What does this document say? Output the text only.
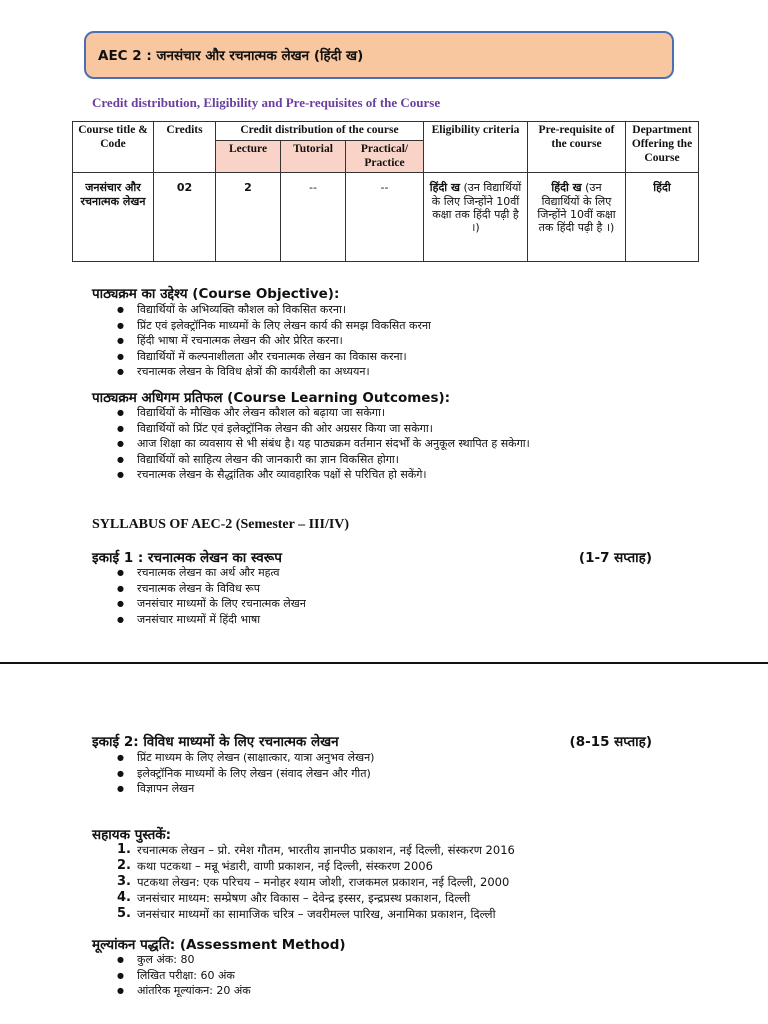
AEC 2 : जनसंचार और रचनात्मक लेखन (हिंदी ख)
Credit distribution, Eligibility and Pre-requisites of the Course
Course title & Code	Credits	Credit distribution of the course			Eligibility criteria	Pre-requisite of the course	Department Offering the Course
		Lecture	Tutorial	Practical/ Practice			
जनसंचार और रचनात्मक लेखन	02	2	--	--	हिंदी ख (उन विद्यार्थियों के लिए जिन्होंने 10वीं कक्षा तक हिंदी पढ़ी है ।)	हिंदी ख (उन विद्यार्थियों के लिए जिन्होंने 10वीं कक्षा तक हिंदी पढ़ी है ।)	हिंदी
पाठ्यक्रम का उद्देश्य (Course Objective):
● विद्यार्थियों के अभिव्यक्ति कौशल को विकसित करना।
● प्रिंट एवं इलेक्ट्रॉनिक माध्यमों के लिए लेखन कार्य की समझ विकसित करना
● हिंदी भाषा में रचनात्मक लेखन की ओर प्रेरित करना।
● विद्यार्थियों में कल्पनाशीलता और रचनात्मक लेखन का विकास करना।
● रचनात्मक लेखन के विविध क्षेत्रों की कार्यशैली का अध्ययन।
पाठ्यक्रम अधिगम प्रतिफल (Course Learning Outcomes):
● विद्यार्थियों के मौखिक और लेखन कौशल को बढ़ाया जा सकेगा।
● विद्यार्थियों को प्रिंट एवं इलेक्ट्रॉनिक लेखन की ओर अग्रसर किया जा सकेगा।
● आज शिक्षा का व्यवसाय से भी संबंध है। यह पाठ्यक्रम वर्तमान संदर्भों के अनुकूल स्थापित ह सकेगा।
● विद्यार्थियों को साहित्य लेखन की जानकारी का ज्ञान विकसित होगा।
● रचनात्मक लेखन के सैद्धांतिक और व्यावहारिक पक्षों से परिचित हो सकेंगे।
SYLLABUS OF AEC-2 (Semester – III/IV)
इकाई 1 : रचनात्मक लेखन का स्वरूप	(1-7 सप्ताह)
● रचनात्मक लेखन का अर्थ और महत्व
● रचनात्मक लेखन के विविध रूप
● जनसंचार माध्यमों के लिए रचनात्मक लेखन
● जनसंचार माध्यमों में हिंदी भाषा
इकाई 2: विविध माध्यमों के लिए रचनात्मक लेखन	(8-15 सप्ताह)
● प्रिंट माध्यम के लिए लेखन (साक्षात्कार, यात्रा अनुभव लेखन)
● इलेक्ट्रॉनिक माध्यमों के लिए लेखन (संवाद लेखन और गीत)
● विज्ञापन लेखन
सहायक पुस्तकें:
1. रचनात्मक लेखन – प्रो. रमेश गौतम, भारतीय ज्ञानपीठ प्रकाशन, नई दिल्ली, संस्करण 2016
2. कथा पटकथा – मन्नू भंडारी, वाणी प्रकाशन, नई दिल्ली, संस्करण 2006
3. पटकथा लेखन: एक परिचय – मनोहर श्याम जोशी, राजकमल प्रकाशन, नई दिल्ली, 2000
4. जनसंचार माध्यम: सम्प्रेषण और विकास – देवेन्द्र इस्सर, इन्द्रप्रस्थ प्रकाशन, दिल्ली
5. जनसंचार माध्यमों का सामाजिक चरित्र – जवरीमल्ल पारिख, अनामिका प्रकाशन, दिल्ली
मूल्यांकन पद्धति: (Assessment Method)
● कुल अंक: 80
● लिखित परीक्षा: 60 अंक
● आंतरिक मूल्यांकन: 20 अंक
